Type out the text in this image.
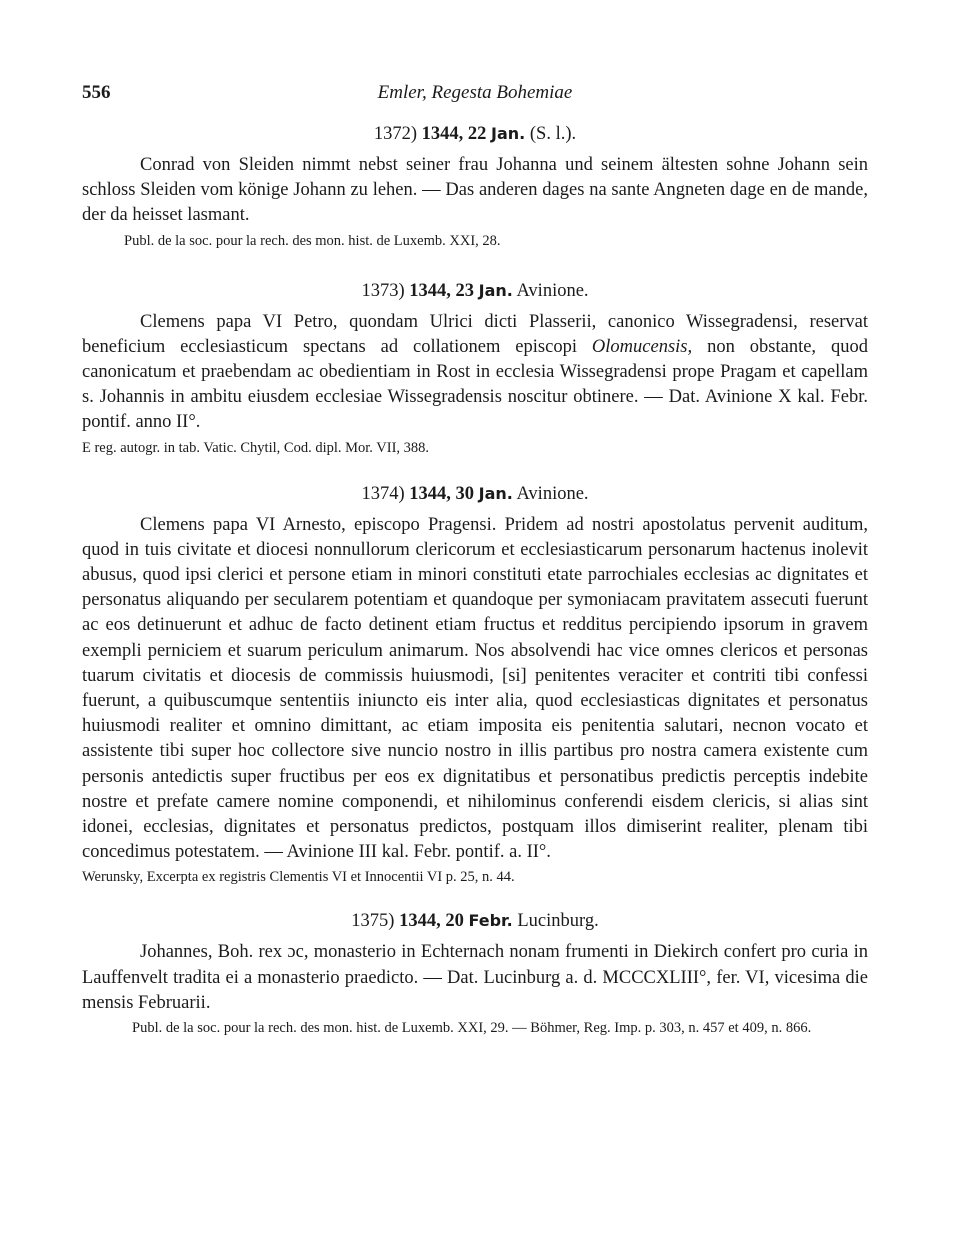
556	Emler, Regesta Bohemiae
1372) 1344, 22 Jan. (S. l.).

Conrad von Sleiden nimmt nebst seiner frau Johanna und seinem ältesten sohne Johann sein schloss Sleiden vom könige Johann zu lehen. — Das anderen dages na sante Angneten dage en de mande, der da heisset lasmant.

Publ. de la soc. pour la rech. des mon. hist. de Luxemb. XXI, 28.
1373) 1344, 23 Jan. Avinione.

Clemens papa VI Petro, quondam Ulrici dicti Plasserii, canonico Wissegradensi, reservat beneficium ecclesiasticum spectans ad collationem episcopi Olomucensis, non obstante, quod canonicatum et praebendam ac obedientiam in Rost in ecclesia Wissegradensi prope Pragam et capellam s. Johannis in ambitu eiusdem ecclesiae Wissegradensis noscitur obtinere. — Dat. Avinione X kal. Febr. pontif. anno II°.

E reg. autogr. in tab. Vatic. Chytil, Cod. dipl. Mor. VII, 388.
1374) 1344, 30 Jan. Avinione.

Clemens papa VI Arnesto, episcopo Pragensi. Pridem ad nostri apostolatus pervenit auditum, quod in tuis civitate et diocesi nonnullorum clericorum et ecclesiasticarum personarum hactenus inolevit abusus, quod ipsi clerici et persone etiam in minori constituti etate parrochiales ecclesias ac dignitates et personatus aliquando per secularem potentiam et quandoque per symoniacam pravitatem assecuti fuerunt ac eos detinuerunt et adhuc de facto detinent etiam fructus et redditus percipiendo ipsorum in gravem exempli perniciem et suarum periculum animarum. Nos absolvendi hac vice omnes clericos et personas tuarum civitatis et diocesis de commissis huiusmodi, [si] penitentes veraciter et contriti tibi confessi fuerunt, a quibuscumque sententiis iniuncto eis inter alia, quod ecclesiasticas dignitates et personatus huiusmodi realiter et omnino dimittant, ac etiam imposita eis penitentia salutari, necnon vocato et assistente tibi super hoc collectore sive nuncio nostro in illis partibus pro nostra camera existente cum personis antedictis super fructibus per eos ex dignitatibus et personatibus predictis perceptis indebite nostre et prefate camere nomine componendi, et nihilominus conferendi eisdem clericis, si alias sint idonei, ecclesias, dignitates et personatus predictos, postquam illos dimiserint realiter, plenam tibi concedimus potestatem. — Avinione III kal. Febr. pontif. a. II°.

Werunsky, Excerpta ex registris Clementis VI et Innocentii VI p. 25, n. 44.
1375) 1344, 20 Febr. Lucinburg.

Johannes, Boh. rex ɔc, monasterio in Echternach nonam frumenti in Diekirch confert pro curia in Lauffenvelt tradita ei a monasterio praedicto. — Dat. Lucinburg a. d. MCCCXLIII°, fer. VI, vicesima die mensis Februarii.

Publ. de la soc. pour la rech. des mon. hist. de Luxemb. XXI, 29. — Böhmer, Reg. Imp. p. 303, n. 457 et 409, n. 866.
